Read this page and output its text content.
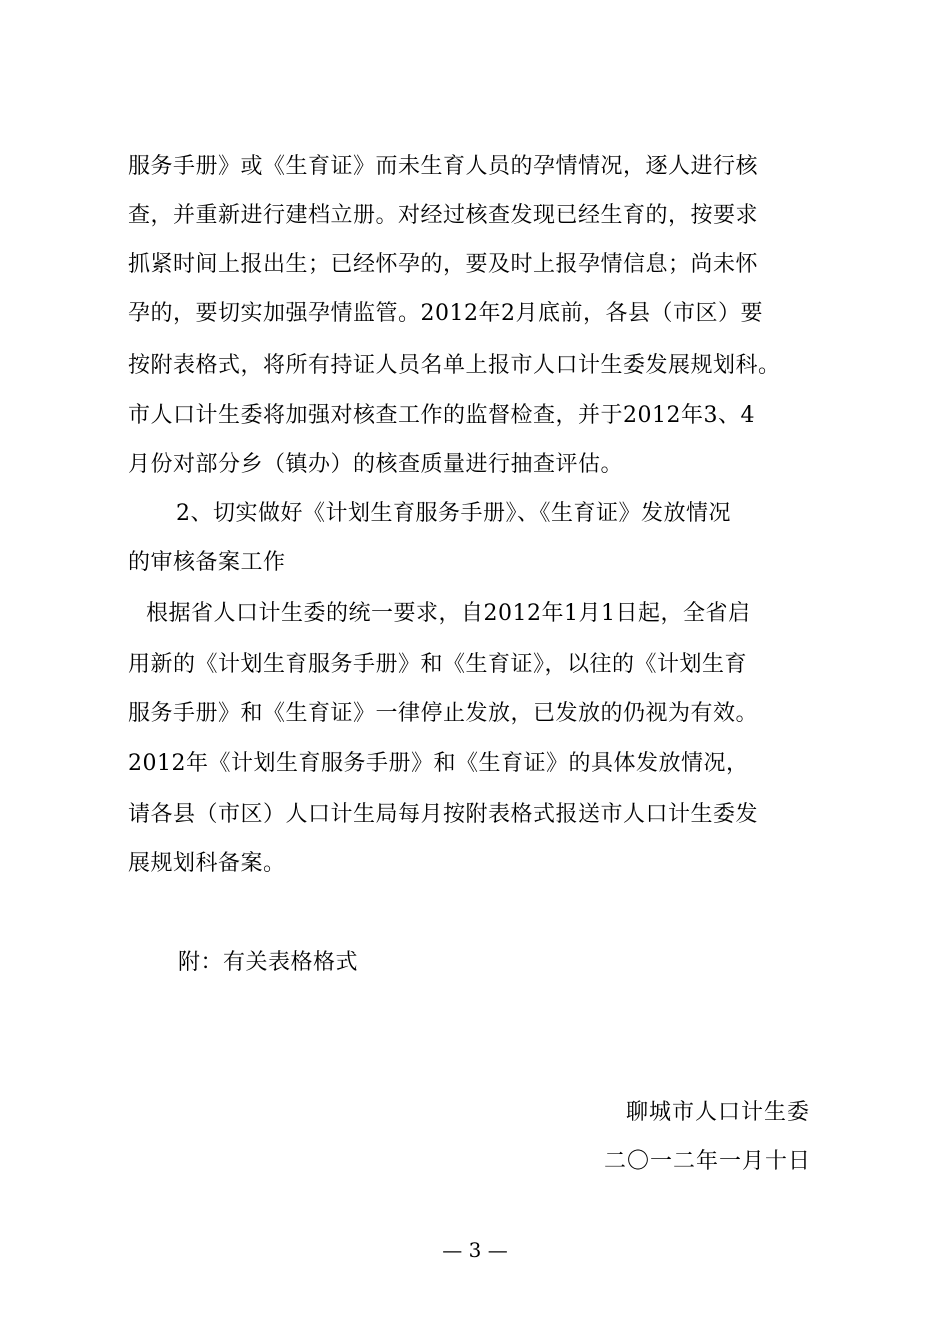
服务手册》或《生育证》而未生育人员的孕情情况，逐人进行核
查，并重新进行建档立册。对经过核查发现已经生育的，按要求
抓紧时间上报出生；已经怀孕的，要及时上报孕情信息；尚未怀
孕的，要切实加强孕情监管。2012年2月底前，各县（市区）要
按附表格式，将所有持证人员名单上报市人口计生委发展规划科。
市人口计生委将加强对核查工作的监督检查，并于2012年3、4
月份对部分乡（镇办）的核查质量进行抽查评估。
2、切实做好《计划生育服务手册》、《生育证》发放情况
的审核备案工作
根据省人口计生委的统一要求，自2012年1月1日起，全省启
用新的《计划生育服务手册》和《生育证》，以往的《计划生育
服务手册》和《生育证》一律停止发放，已发放的仍视为有效。
2012年《计划生育服务手册》和《生育证》的具体发放情况，
请各县（市区）人口计生局每月按附表格式报送市人口计生委发
展规划科备案。
附：有关表格格式
聊城市人口计生委
二〇一二年一月十日
— 3 —
